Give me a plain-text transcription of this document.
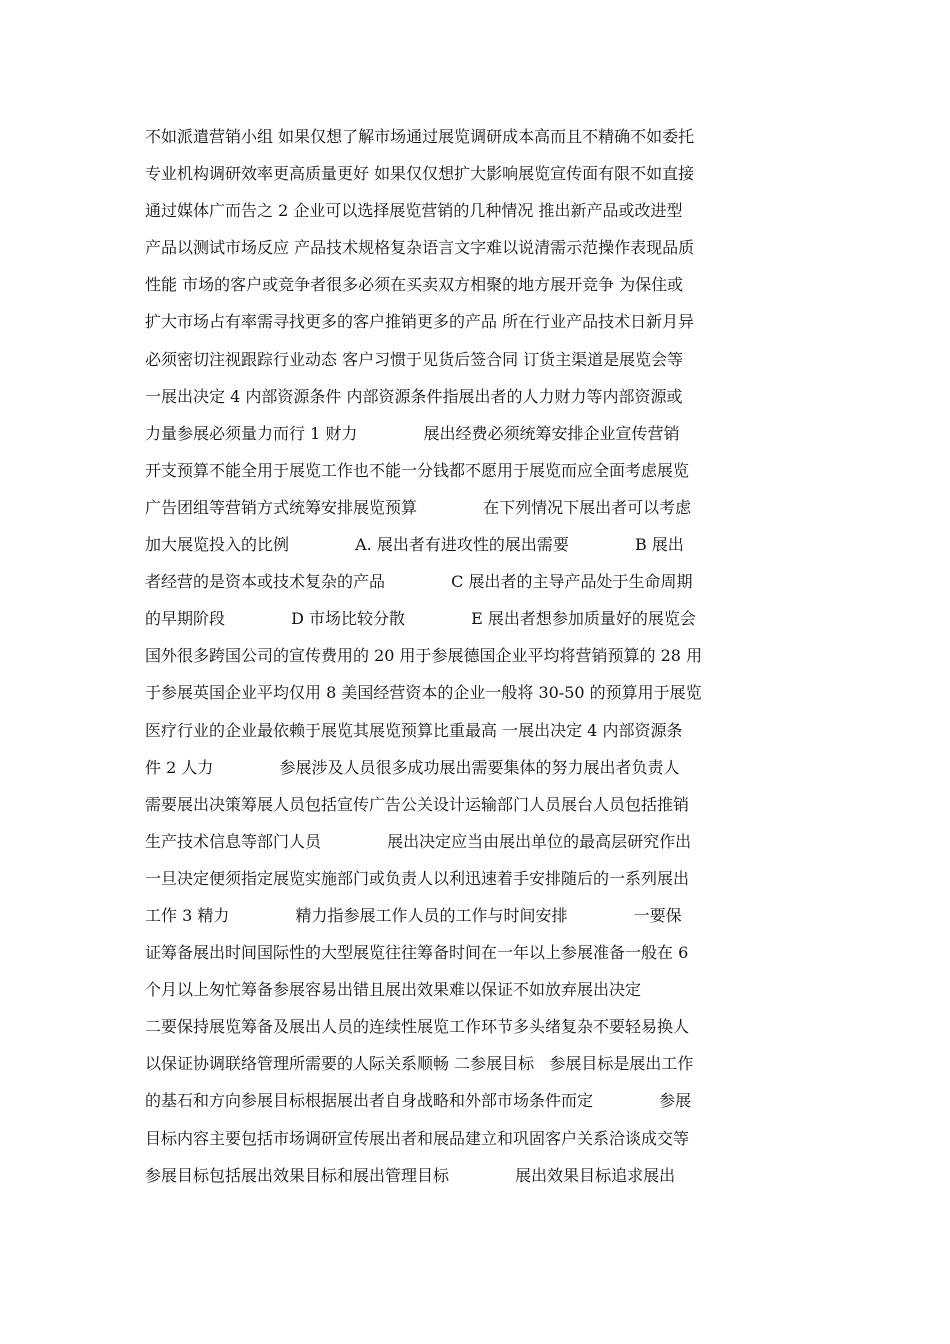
不如派遣营销小组 如果仅想了解市场通过展览调研成本高而且不精确不如委托
专业机构调研效率更高质量更好 如果仅仅想扩大影响展览宣传面有限不如直接
通过媒体广而告之 2 企业可以选择展览营销的几种情况 推出新产品或改进型
产品以测试市场反应 产品技术规格复杂语言文字难以说清需示范操作表现品质
性能 市场的客户或竞争者很多必须在买卖双方相聚的地方展开竞争 为保住或
扩大市场占有率需寻找更多的客户推销更多的产品 所在行业产品技术日新月异
必须密切注视跟踪行业动态 客户习惯于见货后签合同 订货主渠道是展览会等
一展出决定 4 内部资源条件 内部资源条件指展出者的人力财力等内部资源或
力量参展必须量力而行 1 财力             展出经费必须统筹安排企业宣传营销
开支预算不能全用于展览工作也不能一分钱都不愿用于展览而应全面考虑展览
广告团组等营销方式统筹安排展览预算             在下列情况下展出者可以考虑
加大展览投入的比例             A. 展出者有进攻性的展出需要             B 展出
者经营的是资本或技术复杂的产品             C 展出者的主导产品处于生命周期
的早期阶段             D 市场比较分散             E 展出者想参加质量好的展览会
国外很多跨国公司的宣传费用的 20 用于参展德国企业平均将营销预算的 28 用
于参展英国企业平均仅用 8 美国经营资本的企业一般将 30-50 的预算用于展览
医疗行业的企业最依赖于展览其展览预算比重最高 一展出决定 4 内部资源条
件 2 人力             参展涉及人员很多成功展出需要集体的努力展出者负责人
需要展出决策筹展人员包括宣传广告公关设计运输部门人员展台人员包括推销
生产技术信息等部门人员             展出决定应当由展出单位的最高层研究作出
一旦决定便须指定展览实施部门或负责人以利迅速着手安排随后的一系列展出
工作 3 精力             精力指参展工作人员的工作与时间安排             一要保
证筹备展出时间国际性的大型展览往往筹备时间在一年以上参展准备一般在 6
个月以上匆忙筹备参展容易出错且展出效果难以保证不如放弃展出决定
二要保持展览筹备及展出人员的连续性展览工作环节多头绪复杂不要轻易换人
以保证协调联络管理所需要的人际关系顺畅 二参展目标   参展目标是展出工作
的基石和方向参展目标根据展出者自身战略和外部市场条件而定             参展
目标内容主要包括市场调研宣传展出者和展品建立和巩固客户关系洽谈成交等
参展目标包括展出效果目标和展出管理目标             展出效果目标追求展出
